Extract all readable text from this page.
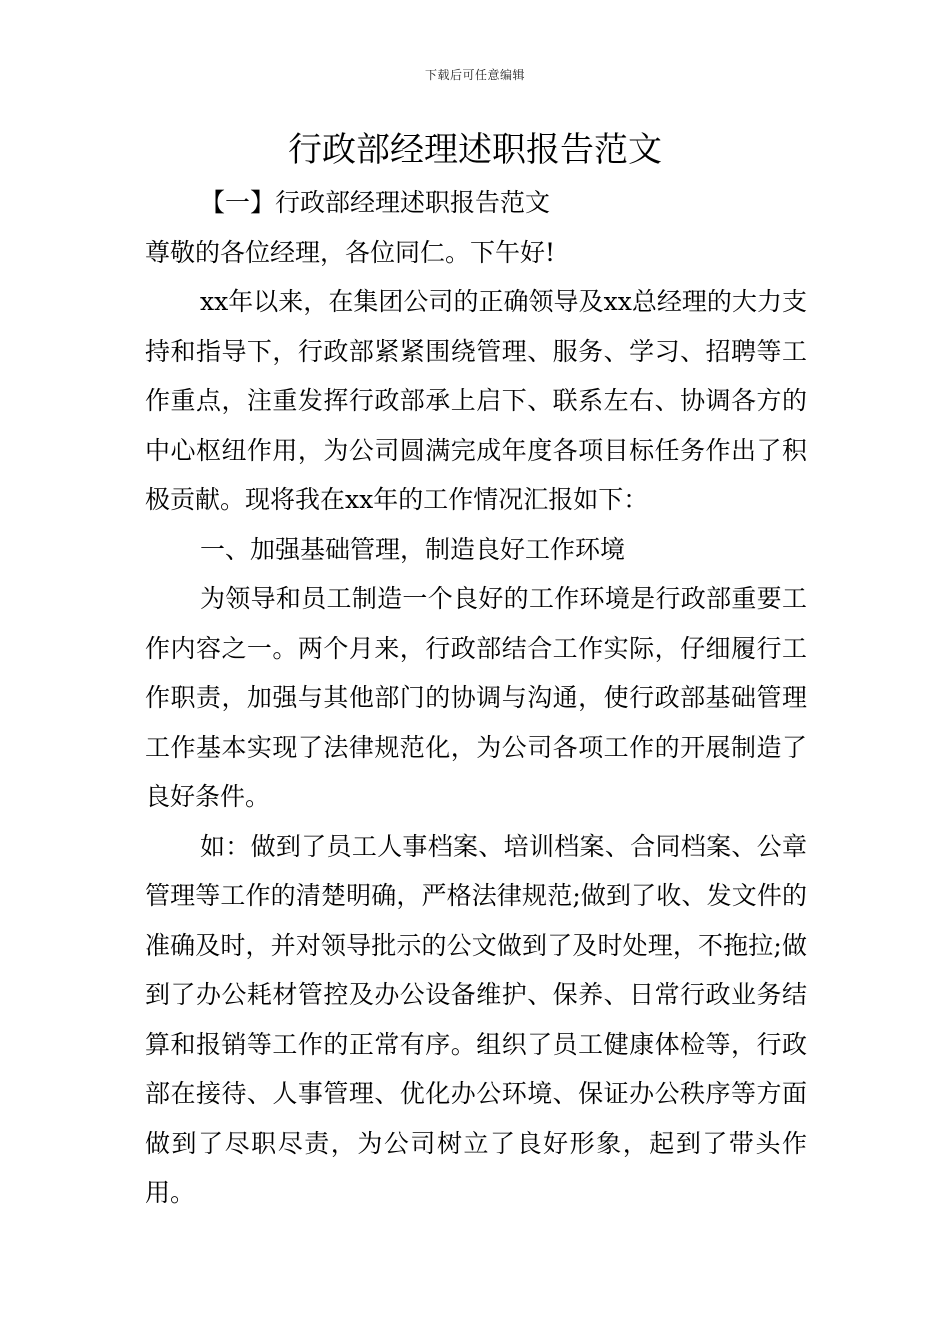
下载后可任意编辑
行政部经理述职报告范文

【一】行政部经理述职报告范文

尊敬的各位经理，各位同仁。下午好!

xx年以来，在集团公司的正确领导及xx总经理的大力支持和指导下，行政部紧紧围绕管理、服务、学习、招聘等工作重点，注重发挥行政部承上启下、联系左右、协调各方的中心枢纽作用，为公司圆满完成年度各项目标任务作出了积极贡献。现将我在xx年的工作情况汇报如下：

一、加强基础管理，制造良好工作环境

为领导和员工制造一个良好的工作环境是行政部重要工作内容之一。两个月来，行政部结合工作实际，仔细履行工作职责，加强与其他部门的协调与沟通，使行政部基础管理工作基本实现了法律规范化，为公司各项工作的开展制造了良好条件。

如：做到了员工人事档案、培训档案、合同档案、公章管理等工作的清楚明确，严格法律规范;做到了收、发文件的准确及时，并对领导批示的公文做到了及时处理，不拖拉;做到了办公耗材管控及办公设备维护、保养、日常行政业务结算和报销等工作的正常有序。组织了员工健康体检等，行政部在接待、人事管理、优化办公环境、保证办公秩序等方面做到了尽职尽责，为公司树立了良好形象，起到了带头作用。
